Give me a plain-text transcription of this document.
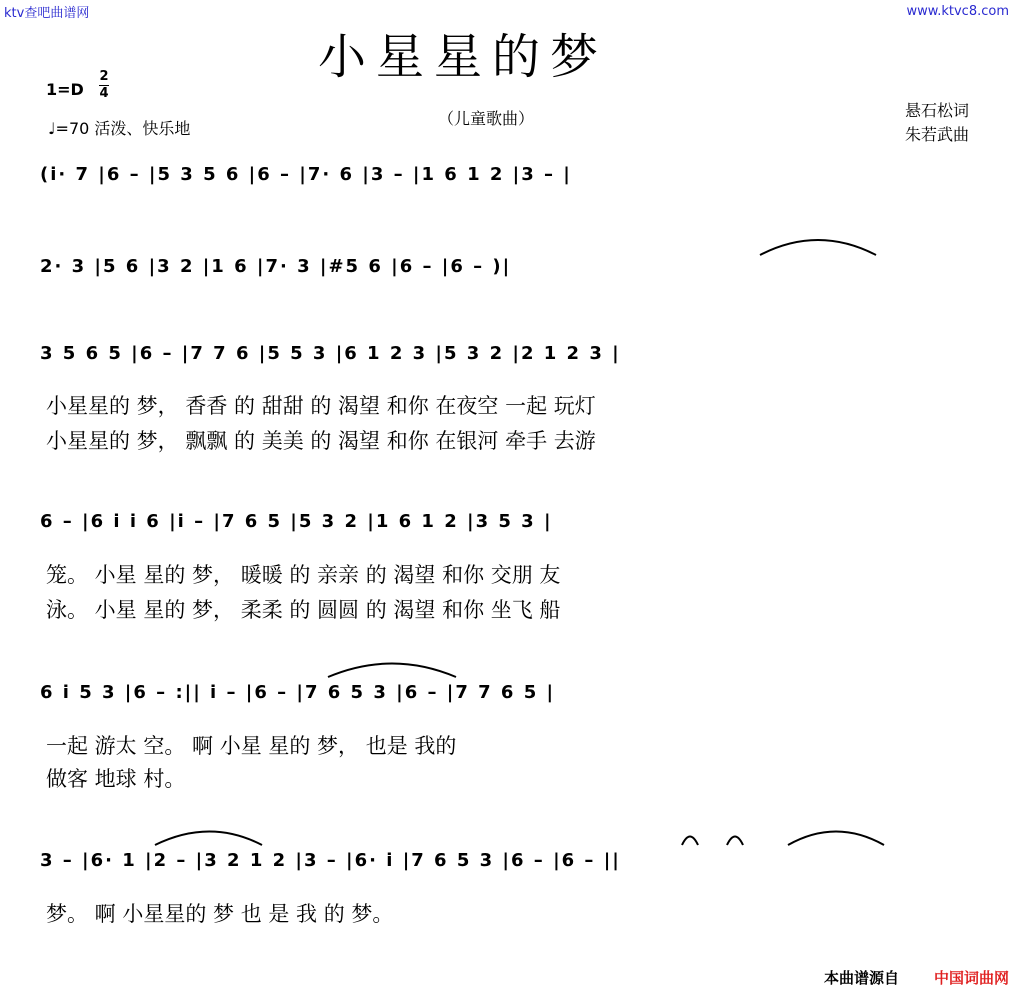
ktv查吧曲谱网	www.ktvc8.com
小星星的梦
（儿童歌曲）
1=D
2
4
♩=70 活泼、快乐地
悬石松词
朱若武曲
(i· 7 |6 – |5 3 5 6 |6 – |7· 6 |3 – |1 6 1 2 |3 – |
2· 3 |5 6 |3 2 |1 6 |7· 3 |#5 6 |6 – |6 – )|
3 5 6 5 |6 – |7 7 6 |5 5 3 |6 1 2 3 |5 3 2 |2 1 2 3 |
6 – |6 i i 6 |i – |7 6 5 |5 3 2 |1 6 1 2 |3 5 3 |
6 i 5 3 |6 – :|| i – |6 – |7 6 5 3 |6 – |7 7 6 5 |
3 – |6· 1 |2 – |3 2 1 2 |3 – |6· i |7 6 5 3 |6 – |6 – ||
小星星的 梦， 香香 的 甜甜 的 渴望 和你 在夜空 一起 玩灯
小星星的 梦， 飘飘 的 美美 的 渴望 和你 在银河 牵手 去游
笼。 小星 星的 梦， 暖暖 的 亲亲 的 渴望 和你 交朋 友
泳。 小星 星的 梦， 柔柔 的 圆圆 的 渴望 和你 坐飞 船
一起 游太 空。 啊 小星 星的 梦， 也是 我的
做客 地球 村。
梦。 啊 小星星的 梦 也 是 我 的 梦。
本曲谱源自 中国词曲网
